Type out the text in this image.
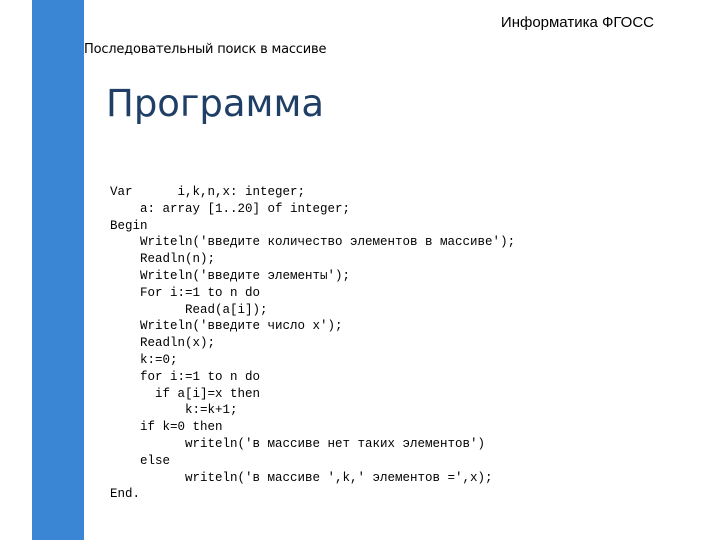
Информатика ФГОСС
Последовательный поиск в массиве
Программа
Var      i,k,n,x: integer;
a: array [1..20] of integer;
Begin
Writeln('введите количество элементов в массиве');
Readln(n);
Writeln('введите элементы');
For i:=1 to n do
Read(a[i]);
Writeln('введите число x');
Readln(x);
k:=0;
for i:=1 to n do
if a[i]=x then
k:=k+1;
if k=0 then
writeln('в массиве нет таких элементов')
else
writeln('в массиве ',k,' элементов =',x);
End.
